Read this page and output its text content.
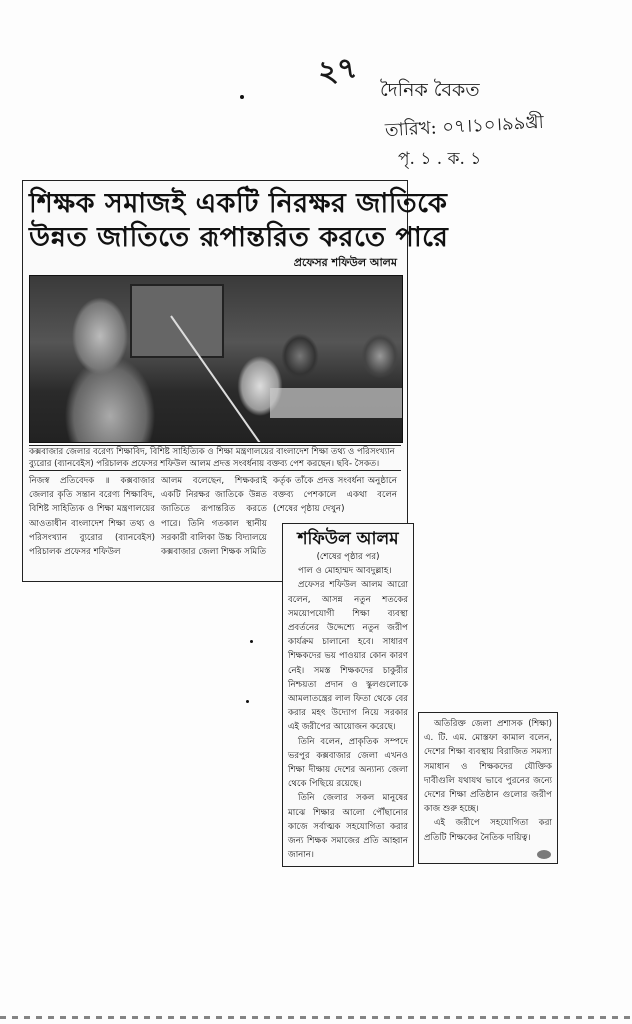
২৭ দৈনিক বৈকত
তারিখ: ০৭।১০।৯৯খ্রী
পৃ. ১ . ক. ১
শিক্ষক সমাজই একটি নিরক্ষর জাতিকে
উন্নত জাতিতে রূপান্তরিত করতে পারে
প্রফেসর শফিউল আলম
কক্সবাজার জেলার বরেণ্য শিক্ষাবিদ, বিশিষ্ট সাহিত্যিক ও শিক্ষা মন্ত্রণালয়ের বাংলাদেশ শিক্ষা তথ্য ও পরিসংখ্যান ব্যুরোর (ব্যানবেইস) পরিচালক প্রফেসর শফিউল আলম প্রদত্ত সংবর্ধনায় বক্তব্য পেশ করছেন। ছবি- সৈকত।
নিজস্ব প্রতিবেদক ॥ কক্সবাজার জেলার কৃতি সন্তান বরেণ্য শিক্ষাবিদ, বিশিষ্ট সাহিত্যিক ও শিক্ষা মন্ত্রণালয়ের আওতাধীন বাংলাদেশ শিক্ষা তথ্য ও পরিসংখ্যান ব্যুরোর (ব্যানবেইস) পরিচালক প্রফেসর শফিউল
আলম বলেছেন, শিক্ষকরাই একটি নিরক্ষর জাতিকে উন্নত জাতিতে রূপান্তরিত করতে পারে। তিনি গতকাল স্থানীয় সরকারী বালিকা উচ্চ বিদ্যালয়ে কক্সবাজার জেলা শিক্ষক সমিতি
কর্তৃক তাঁকে প্রদত্ত সংবর্ধনা অনুষ্ঠানে বক্তব্য পেশকালে একথা বলেন (শেষের পৃষ্ঠায় দেখুন)
শফিউল আলম
(শেষের পৃষ্ঠার পর)

পাল ও মোহাম্মদ আবদুল্লাহ।

প্রফেসর শফিউল আলম আরো বলেন, আসন্ন নতুন শতকের সময়োপযোগী শিক্ষা ব্যবস্থা প্রবর্তনের উদ্দেশ্যে নতুন জরীপ কার্যক্রম চালানো হবে। সাধারণ শিক্ষকদের ভয় পাওয়ার কোন কারণ নেই। সমস্ত শিক্ষকদের চাকুরীর নিশ্চয়তা প্রদান ও স্কুলগুলোকে আমলাতন্ত্রের লাল ফিতা থেকে বের করার মহৎ উদ্যোগ নিয়ে সরকার এই জরীপের আয়োজন করেছে।

তিনি বলেন, প্রাকৃতিক সম্পদে ভরপুর কক্সবাজার জেলা এখনও শিক্ষা দীক্ষায় দেশের অন্যান্য জেলা থেকে পিছিয়ে রয়েছে।

তিনি জেলার সকল মানুষের মাঝে শিক্ষার আলো পৌঁছানোর কাজে সর্বাত্মক সহযোগিতা করার জন্য শিক্ষক সমাজের প্রতি আহ্বান জানান।

অতিরিক্ত জেলা প্রশাসক (শিক্ষা) এ. টি. এম. মোস্তফা কামাল বলেন, দেশের শিক্ষা ব্যবস্থায় বিরাজিত সমস্যা সমাধান ও শিক্ষকদের যৌক্তিক দাবীগুলি যথাযথ ভাবে পুরনের জন্যে দেশের শিক্ষা প্রতিষ্ঠান গুলোর জরীপ কাজ শুরু হচ্ছে।

এই জরীপে সহযোগিতা করা প্রতিটি শিক্ষকের নৈতিক দায়িত্ব।
